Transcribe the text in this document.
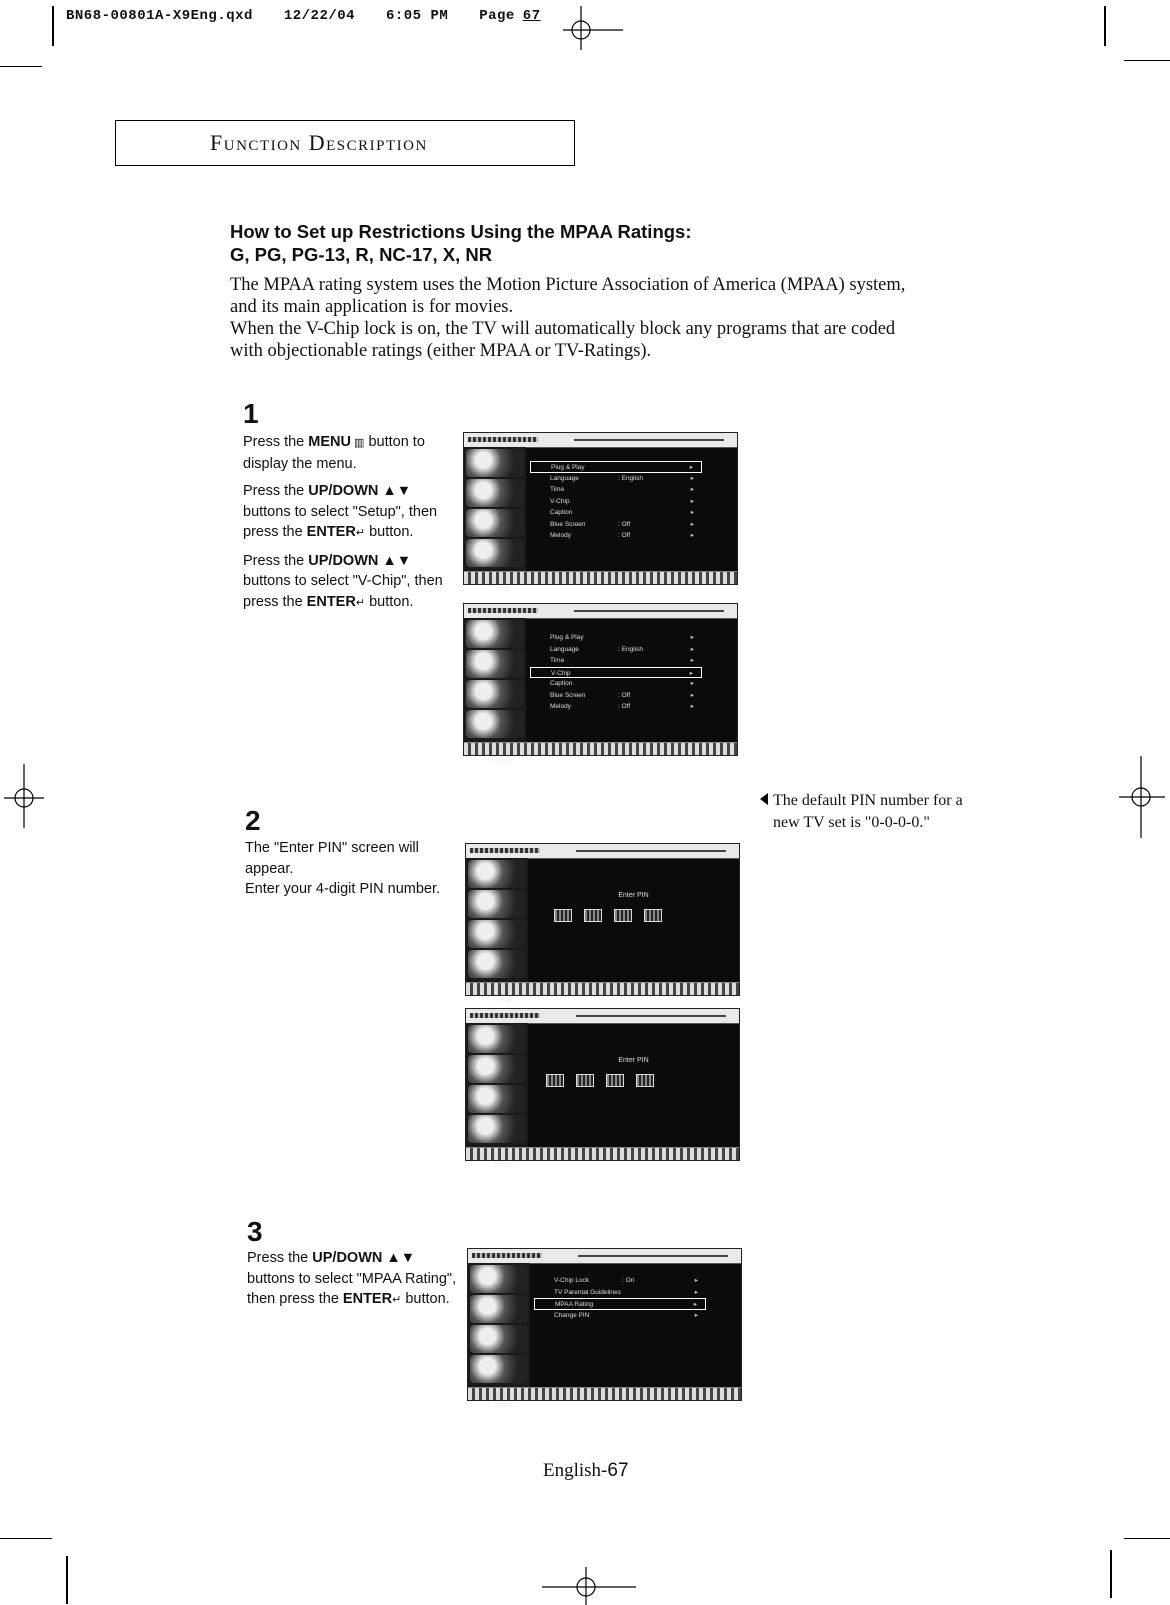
BN68-00801A-X9Eng.qxd 12/22/04 6:05 PM Page 67
Function Description
How to Set up Restrictions Using the MPAA Ratings:
G, PG, PG-13, R, NC-17, X, NR
The MPAA rating system uses the Motion Picture Association of America (MPAA) system, and its main application is for movies.
When the V-Chip lock is on, the TV will automatically block any programs that are coded with objectionable ratings (either MPAA or TV-Ratings).
1

Press the MENU ▥ button to display the menu.

Press the UP/DOWN ▲▼ buttons to select "Setup", then press the ENTER↵ button.

Press the UP/DOWN ▲▼ buttons to select "V-Chip", then press the ENTER↵ button.

Setup
Plug & Play	▸
Language	: English	▸
Time	▸
V-Chip	▸
Caption	▸
Blue Screen	: Off	▸
Melody	: Off	▸
Setup
Plug & Play	▸
Language	: English	▸
Time	▸
V-Chip	▸
Caption	▸
Blue Screen	: Off	▸
Melody	: Off	▸
2
The "Enter PIN" screen will appear.
Enter your 4-digit PIN number.
Setup
Enter PIN
Setup
Enter PIN
The default PIN number for a new TV set is "0-0-0-0."
3

Press the UP/DOWN ▲▼ buttons to select "MPAA Rating", then press the ENTER↵ button.

Setup
V-Chip Lock	: On	▸
TV Parental Guidelines	▸
MPAA Rating	▸
Change PIN	▸
English-67
